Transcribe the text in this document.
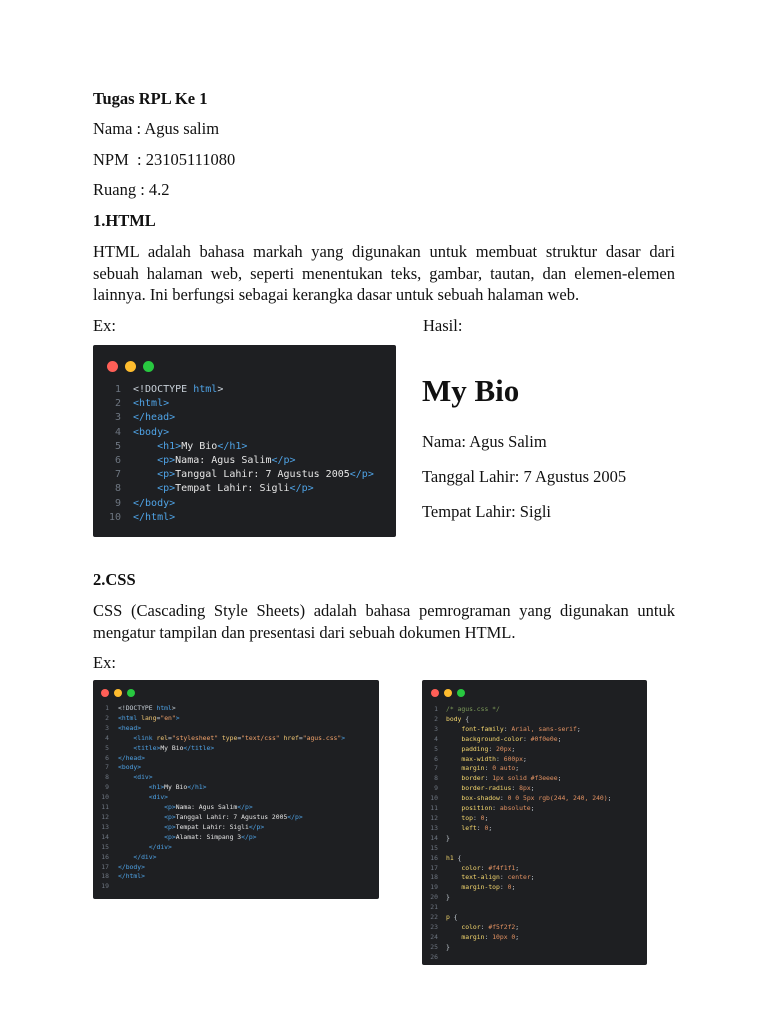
Tugas RPL Ke 1
Nama : Agus salim
NPM  : 23105111080
Ruang : 4.2
1.HTML
HTML adalah bahasa markah yang digunakan untuk membuat struktur dasar dari sebuah halaman web, seperti menentukan teks, gambar, tautan, dan elemen-elemen lainnya. Ini berfungsi sebagai kerangka dasar untuk sebuah halaman web.
Ex:	Hasil:
1 <!DOCTYPE html>
2 <html>
3 </head>
4 <body>
5	<h1>My Bio</h1>
6	<p>Nama: Agus Salim</p>
7	<p>Tanggal Lahir: 7 Agustus 2005</p>
8	<p>Tempat Lahir: Sigli</p>
9 </body>
10 </html>
My Bio
Nama: Agus Salim
Tanggal Lahir: 7 Agustus 2005
Tempat Lahir: Sigli
2.CSS
CSS (Cascading Style Sheets) adalah bahasa pemrograman yang digunakan untuk mengatur tampilan dan presentasi dari sebuah dokumen HTML.
Ex:
1 <!DOCTYPE html>
2 <html lang="en">
3 <head>
4	<link rel="stylesheet" type="text/css" href="agus.css">
5	<title>My Bio</title>
6 </head>
7 <body>
8	<div>
9	<h1>My Bio</h1>
10	<div>
11	<p>Nama: Agus Salim</p>
12	<p>Tanggal Lahir: 7 Agustus 2005</p>
13	<p>Tempat Lahir: Sigli</p>
14	<p>Alamat: Simpang 3</p>
15	</div>
16	</div>
17 </body>
18 </html>
19
1 /* agus.css */
2 body {
3	font-family: Arial, sans-serif;
4	background-color: #0f0e0e;
5	padding: 20px;
6	max-width: 600px;
7	margin: 0 auto;
8	border: 1px solid #f3eeee;
9	border-radius: 8px;
10	box-shadow: 0 0 5px rgb(244, 240, 240);
11	position: absolute;
12	top: 0;
13	left: 0;
14 }
15
16 h1 {
17	color: #f4f1f1;
18	text-align: center;
19	margin-top: 0;
20 }
21
22 p {
23	color: #f5f2f2;
24	margin: 10px 0;
25 }
26
